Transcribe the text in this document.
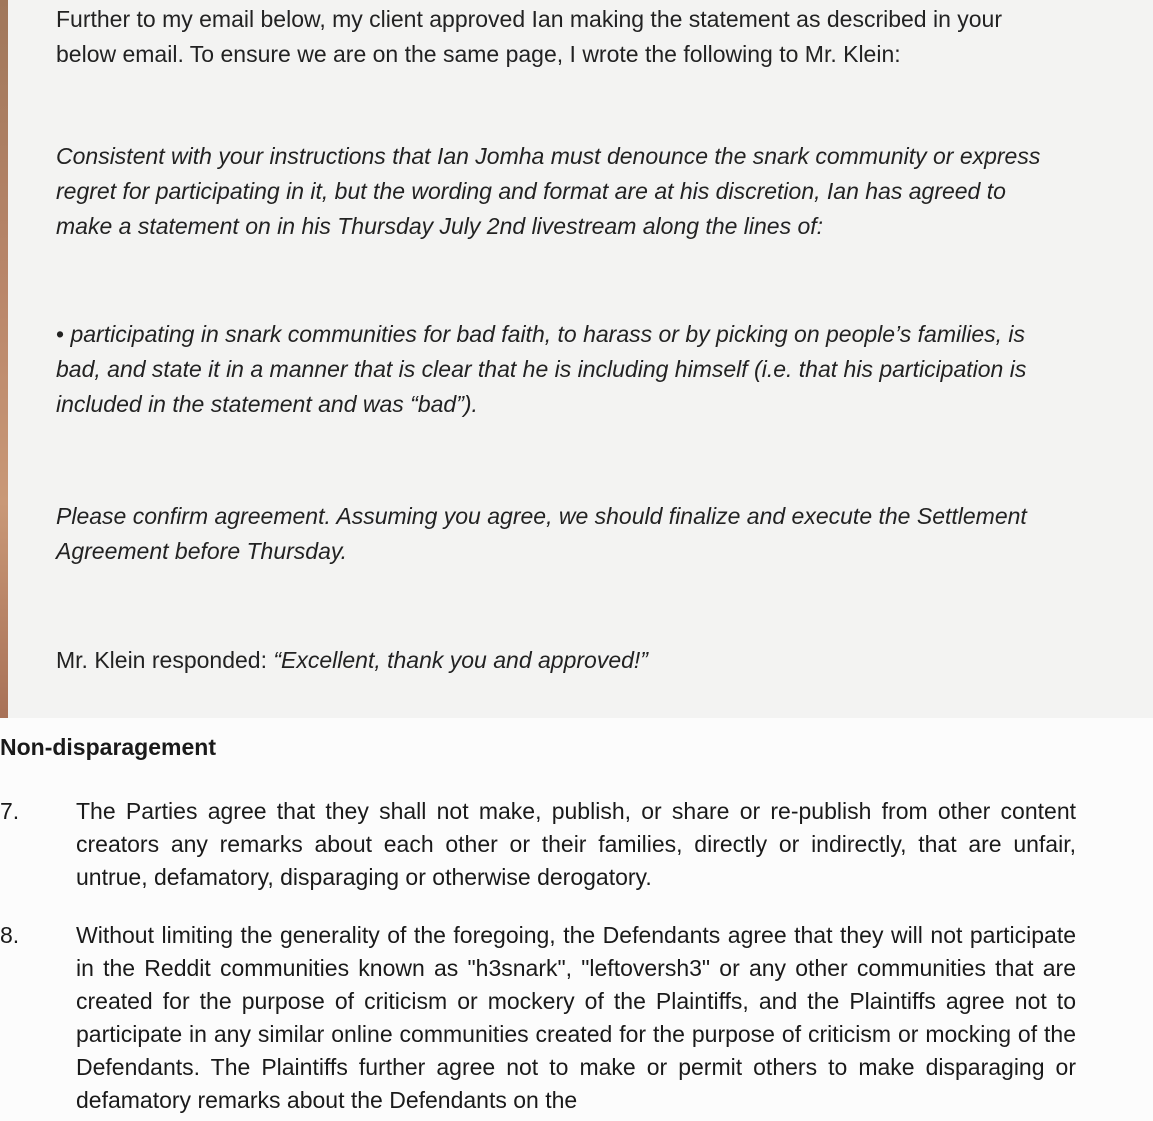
Further to my email below, my client approved Ian making the statement as described in your below email. To ensure we are on the same page, I wrote the following to Mr. Klein:

Consistent with your instructions that Ian Jomha must denounce the snark community or express regret for participating in it, but the wording and format are at his discretion, Ian has agreed to make a statement on in his Thursday July 2nd livestream along the lines of:

• participating in snark communities for bad faith, to harass or by picking on people’s families, is bad, and state it in a manner that is clear that he is including himself (i.e. that his participation is included in the statement and was “bad”).

Please confirm agreement. Assuming you agree, we should finalize and execute the Settlement Agreement before Thursday.

Mr. Klein responded: “Excellent, thank you and approved!”

Non-disparagement
7. The Parties agree that they shall not make, publish, or share or re-publish from other content creators any remarks about each other or their families, directly or indirectly, that are unfair, untrue, defamatory, disparaging or otherwise derogatory.

8. Without limiting the generality of the foregoing, the Defendants agree that they will not participate in the Reddit communities known as "h3snark", "leftoversh3" or any other communities that are created for the purpose of criticism or mockery of the Plaintiffs, and the Plaintiffs agree not to participate in any similar online communities created for the purpose of criticism or mocking of the Defendants. The Plaintiffs further agree not to make or permit others to make disparaging or defamatory remarks about the Defendants on the
